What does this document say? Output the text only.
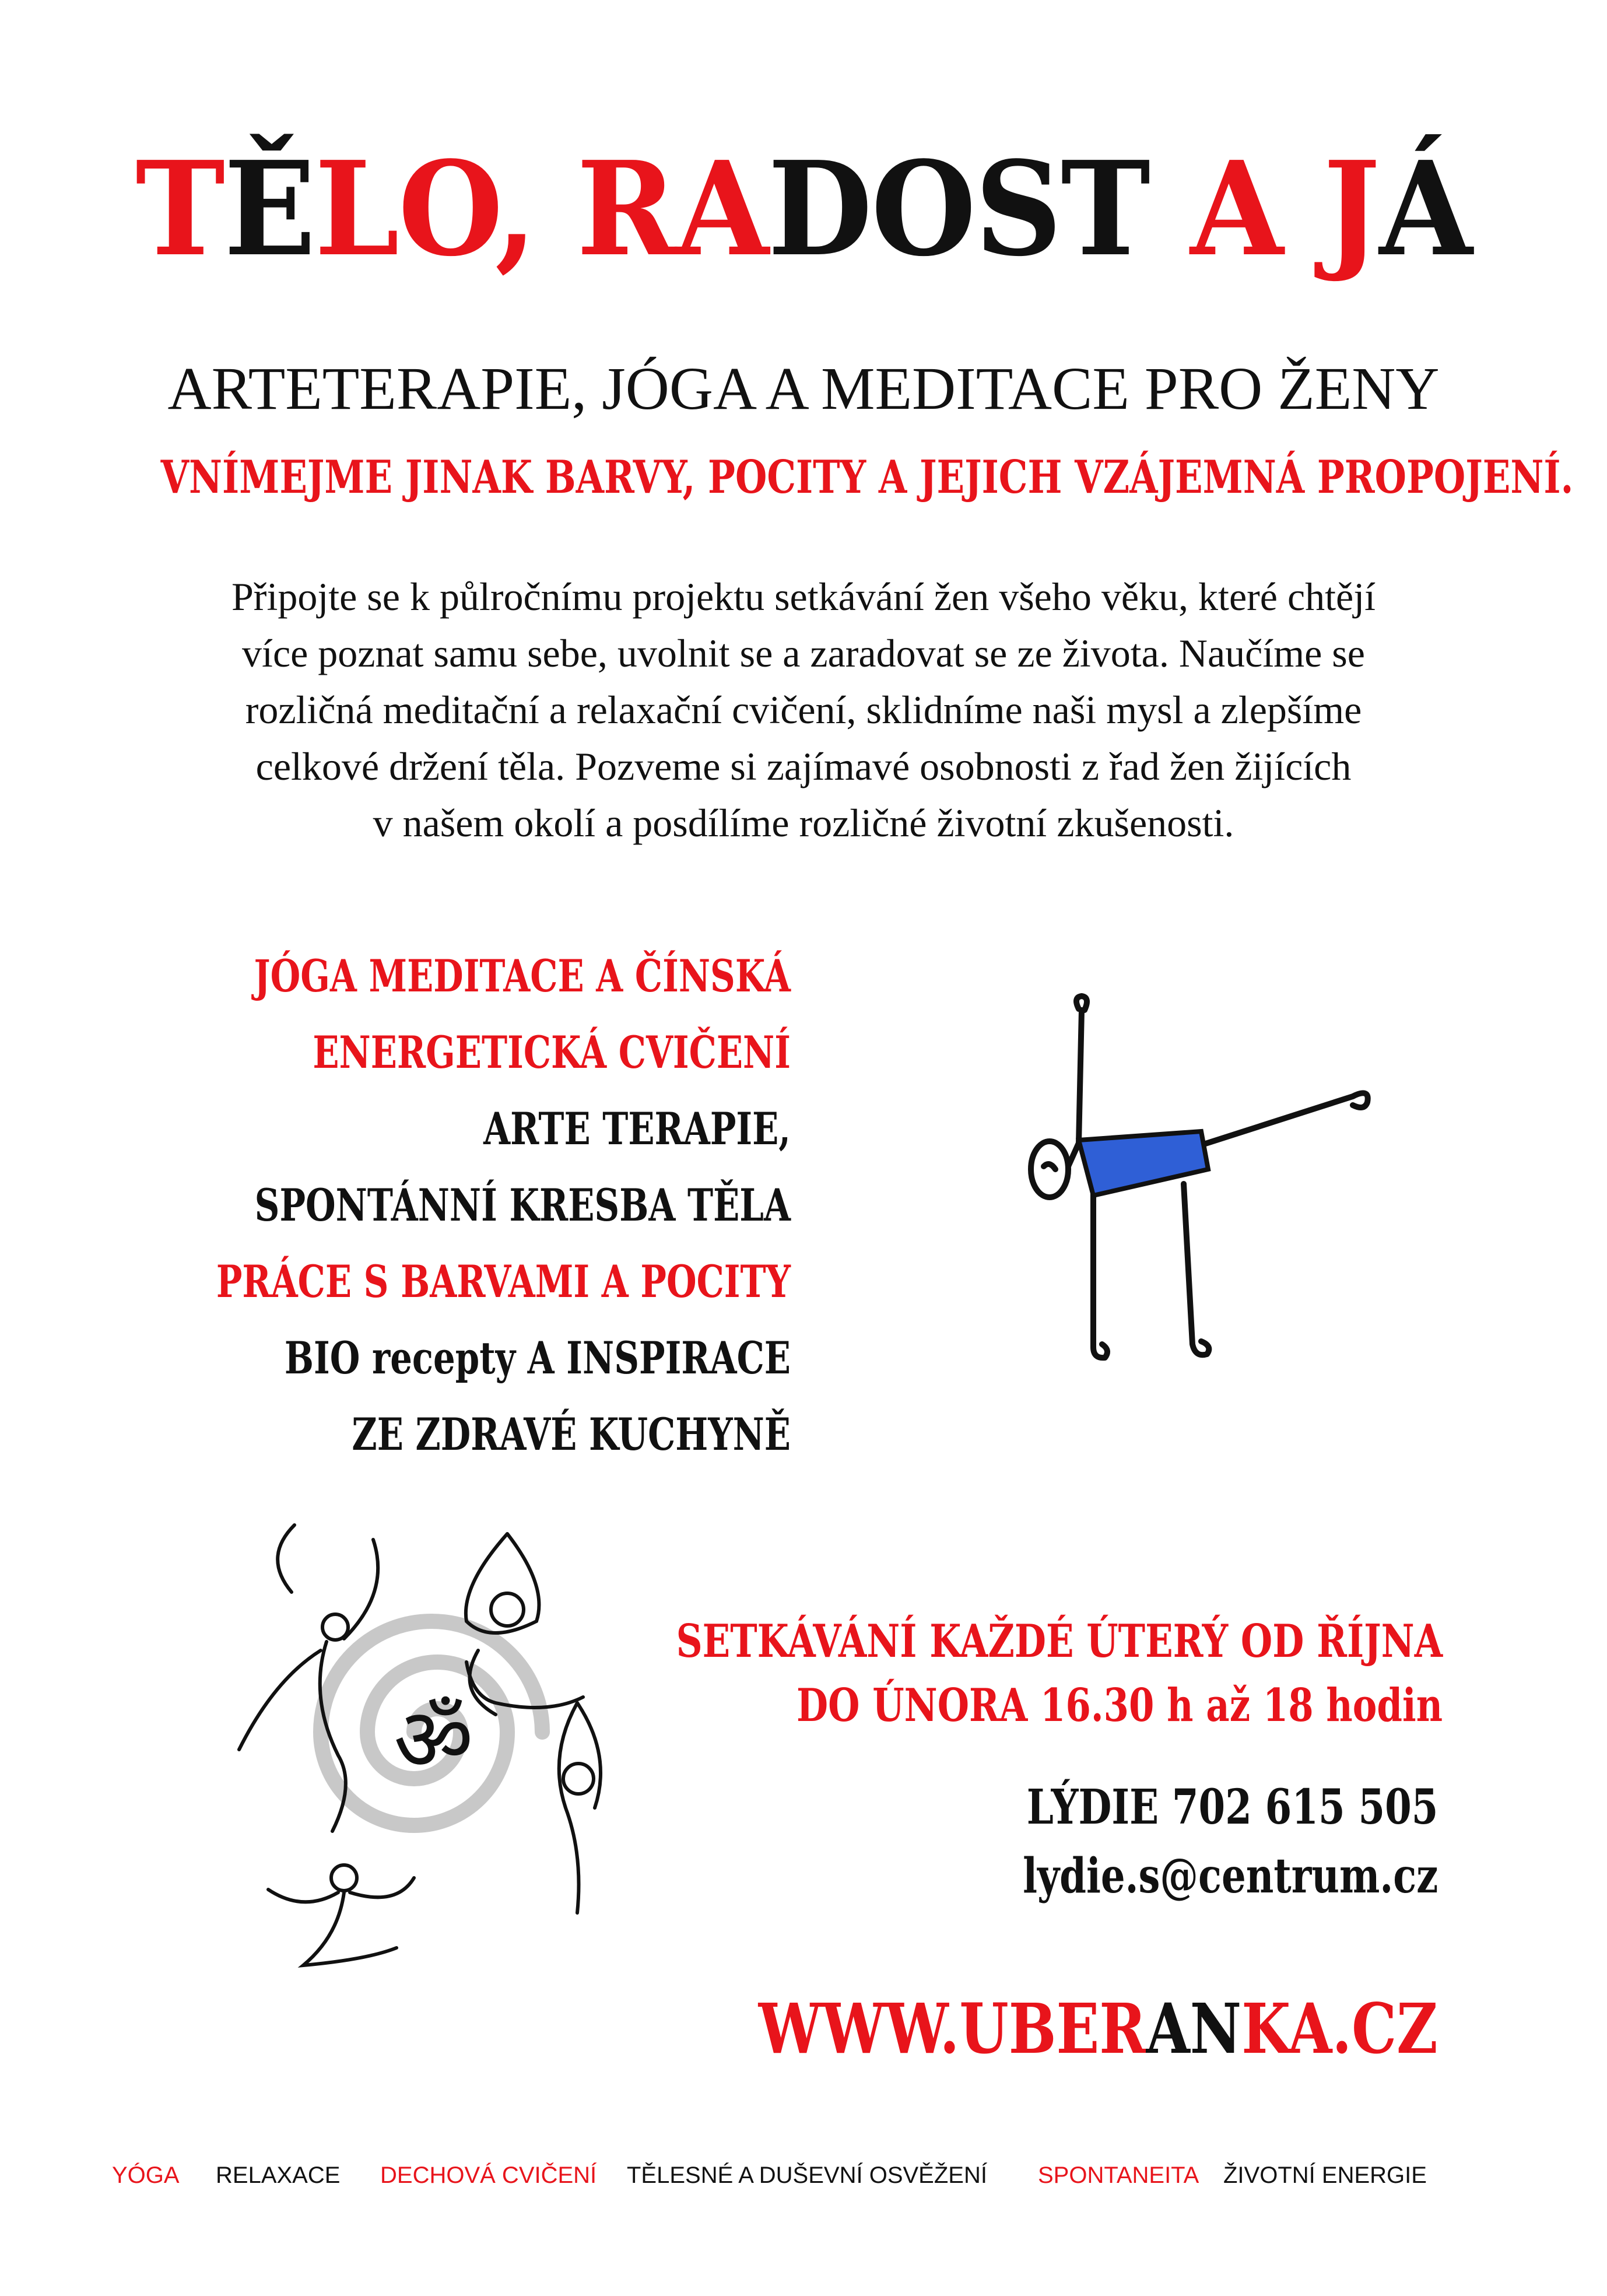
TĚLO, RADOST A JÁ
ARTETERAPIE, JÓGA A MEDITACE PRO ŽENY
VNÍMEJME JINAK BARVY, POCITY A JEJICH VZÁJEMNÁ PROPOJENÍ.
Připojte se k půlročnímu projektu setkávání žen všeho věku, které chtějí
více poznat samu sebe, uvolnit se a zaradovat se ze života. Naučíme se
rozličná meditační a relaxační cvičení, sklidníme naši mysl a zlepšíme
celkové držení těla. Pozveme si zajímavé osobnosti z řad žen žijících
v našem okolí a posdílíme rozličné životní zkušenosti.
JÓGA MEDITACE A ČÍNSKÁ
ENERGETICKÁ CVIČENÍ
ARTE TERAPIE,
SPONTÁNNÍ KRESBA TĚLA
PRÁCE S BARVAMI A POCITY
BIO recepty A INSPIRACE
ZE ZDRAVÉ KUCHYNĚ
ॐ
SETKÁVÁNÍ KAŽDÉ ÚTERÝ OD ŘÍJNA
DO ÚNORA 16.30 h až 18 hodin
LÝDIE 702 615 505
lydie.s@centrum.cz
WWW.UBERANKA.CZ
YÓGA RELAXACE DECHOVÁ CVIČENÍ TĚLESNÉ A DUŠEVNÍ OSVĚŽENÍ SPONTANEITA ŽIVOTNÍ ENERGIE
